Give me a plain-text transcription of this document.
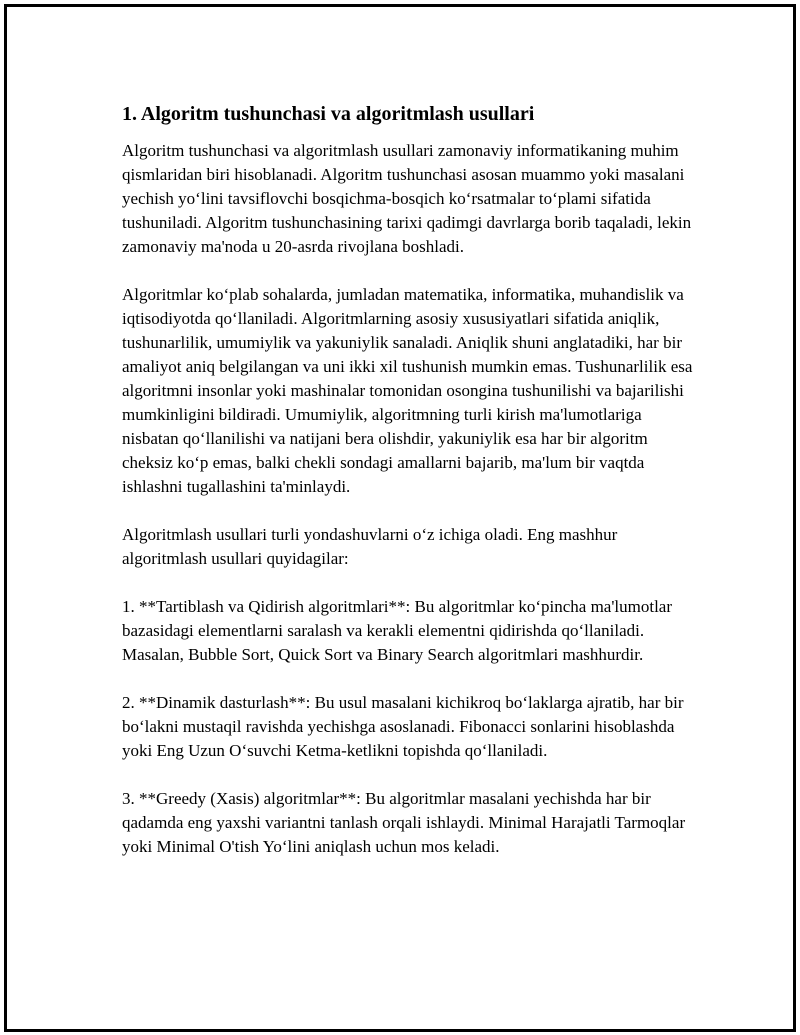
1. Algoritm tushunchasi va algoritmlash usullari

Algoritm tushunchasi va algoritmlash usullari zamonaviy informatikaning muhim qismlaridan biri hisoblanadi. Algoritm tushunchasi asosan muammo yoki masalani yechish yo‘lini tavsiflovchi bosqichma-bosqich ko‘rsatmalar to‘plami sifatida tushuniladi. Algoritm tushunchasining tarixi qadimgi davrlarga borib taqaladi, lekin zamonaviy ma'noda u 20-asrda rivojlana boshladi.

Algoritmlar ko‘plab sohalarda, jumladan matematika, informatika, muhandislik va iqtisodiyotda qo‘llaniladi. Algoritmlarning asosiy xususiyatlari sifatida aniqlik, tushunarlilik, umumiylik va yakuniylik sanaladi. Aniqlik shuni anglatadiki, har bir amaliyot aniq belgilangan va uni ikki xil tushunish mumkin emas. Tushunarlilik esa algoritmni insonlar yoki mashinalar tomonidan osongina tushunilishi va bajarilishi mumkinligini bildiradi. Umumiylik, algoritmning turli kirish ma'lumotlariga nisbatan qo‘llanilishi va natijani bera olishdir, yakuniylik esa har bir algoritm cheksiz ko‘p emas, balki chekli sondagi amallarni bajarib, ma'lum bir vaqtda ishlashni tugallashini ta'minlaydi.

Algoritmlash usullari turli yondashuvlarni o‘z ichiga oladi. Eng mashhur algoritmlash usullari quyidagilar:

1. **Tartiblash va Qidirish algoritmlari**: Bu algoritmlar ko‘pincha ma'lumotlar bazasidagi elementlarni saralash va kerakli elementni qidirishda qo‘llaniladi. Masalan, Bubble Sort, Quick Sort va Binary Search algoritmlari mashhurdir.

2. **Dinamik dasturlash**: Bu usul masalani kichikroq bo‘laklarga ajratib, har bir bo‘lakni mustaqil ravishda yechishga asoslanadi. Fibonacci sonlarini hisoblashda yoki Eng Uzun O‘suvchi Ketma-ketlikni topishda qo‘llaniladi.

3. **Greedy (Xasis) algoritmlar**: Bu algoritmlar masalani yechishda har bir qadamda eng yaxshi variantni tanlash orqali ishlaydi. Minimal Harajatli Tarmoqlar yoki Minimal O'tish Yo‘lini aniqlash uchun mos keladi.
